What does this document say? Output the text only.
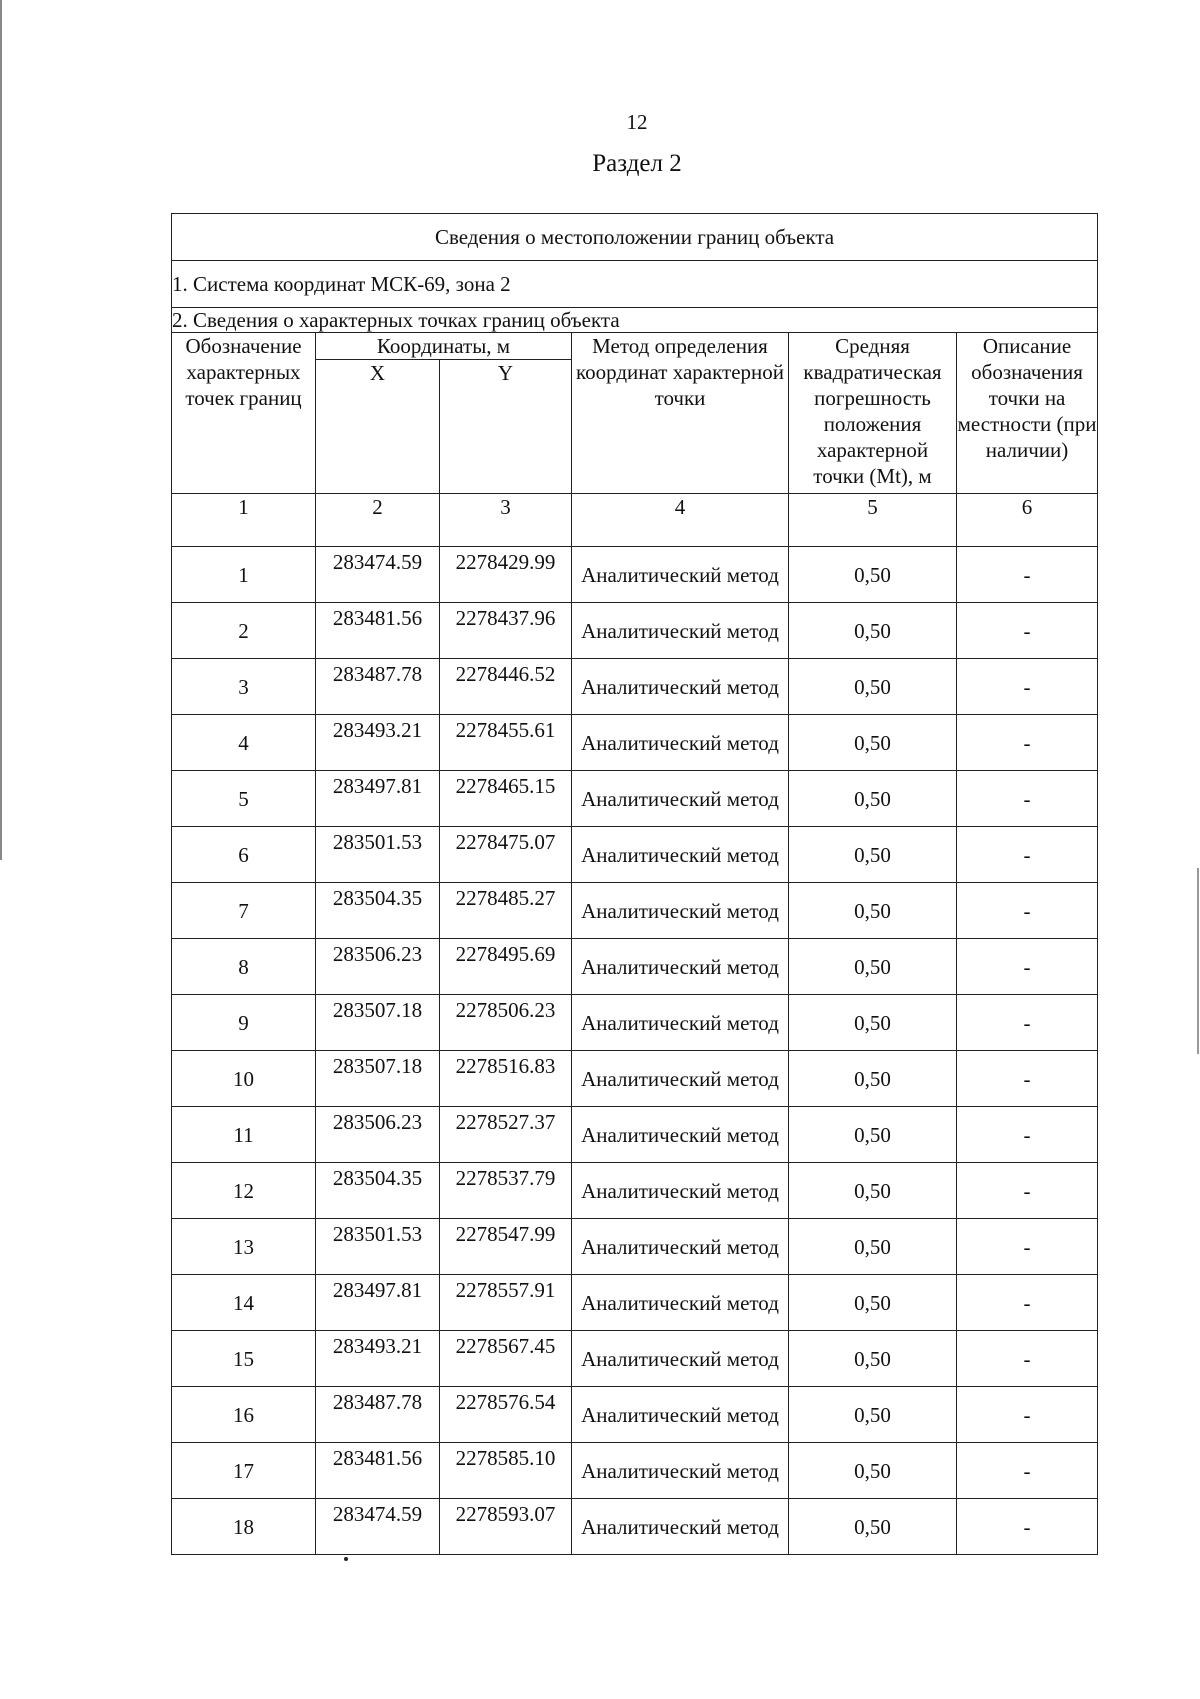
12
Раздел 2
Сведения о местоположении границ объекта					
1. Система координат МСК-69, зона 2					
2. Сведения о характерных точках границ объекта					
Обозначение характерных точек границ	Координаты, м		Метод определения координат характерной точки	Средняя квадратическая погрешность положения характерной точки (Mt), м	Описание обозначения точки на местности (при наличии)
	X	Y			
1	2	3	4	5	6
1	283474.59	2278429.99	Аналитический метод	0,50	-
2	283481.56	2278437.96	Аналитический метод	0,50	-
3	283487.78	2278446.52	Аналитический метод	0,50	-
4	283493.21	2278455.61	Аналитический метод	0,50	-
5	283497.81	2278465.15	Аналитический метод	0,50	-
6	283501.53	2278475.07	Аналитический метод	0,50	-
7	283504.35	2278485.27	Аналитический метод	0,50	-
8	283506.23	2278495.69	Аналитический метод	0,50	-
9	283507.18	2278506.23	Аналитический метод	0,50	-
10	283507.18	2278516.83	Аналитический метод	0,50	-
11	283506.23	2278527.37	Аналитический метод	0,50	-
12	283504.35	2278537.79	Аналитический метод	0,50	-
13	283501.53	2278547.99	Аналитический метод	0,50	-
14	283497.81	2278557.91	Аналитический метод	0,50	-
15	283493.21	2278567.45	Аналитический метод	0,50	-
16	283487.78	2278576.54	Аналитический метод	0,50	-
17	283481.56	2278585.10	Аналитический метод	0,50	-
18	283474.59	2278593.07	Аналитический метод	0,50	-
